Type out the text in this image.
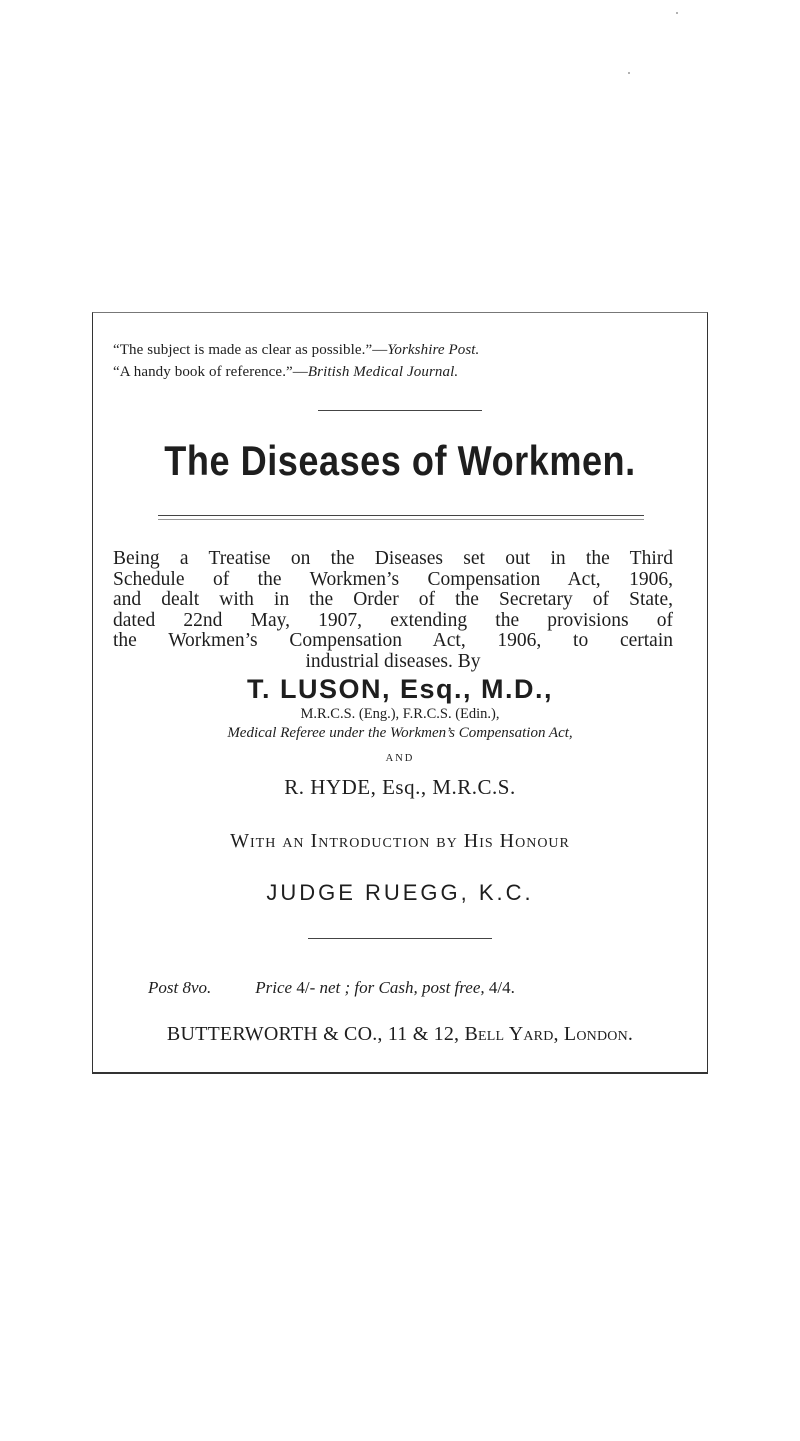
“The subject is made as clear as possible.”—Yorkshire Post.
“A handy book of reference.”—British Medical Journal.
The Diseases of Workmen.
Being a Treatise on the Diseases set out in the Third
Schedule of the Workmen’s Compensation Act, 1906,
and dealt with in the Order of the Secretary of State,
dated 22nd May, 1907, extending the provisions of
the Workmen’s Compensation Act, 1906, to certain
industrial diseases. By
T. LUSON, Esq., M.D.,
M.R.C.S. (Eng.), F.R.C.S. (Edin.),
Medical Referee under the Workmen’s Compensation Act,
AND
R. HYDE, Esq., M.R.C.S.
With an Introduction by His Honour
JUDGE RUEGG, K.C.
Post 8vo.	Price 4/- net ; for Cash, post free, 4/4.
BUTTERWORTH & CO., 11 & 12, Bell Yard, London.
